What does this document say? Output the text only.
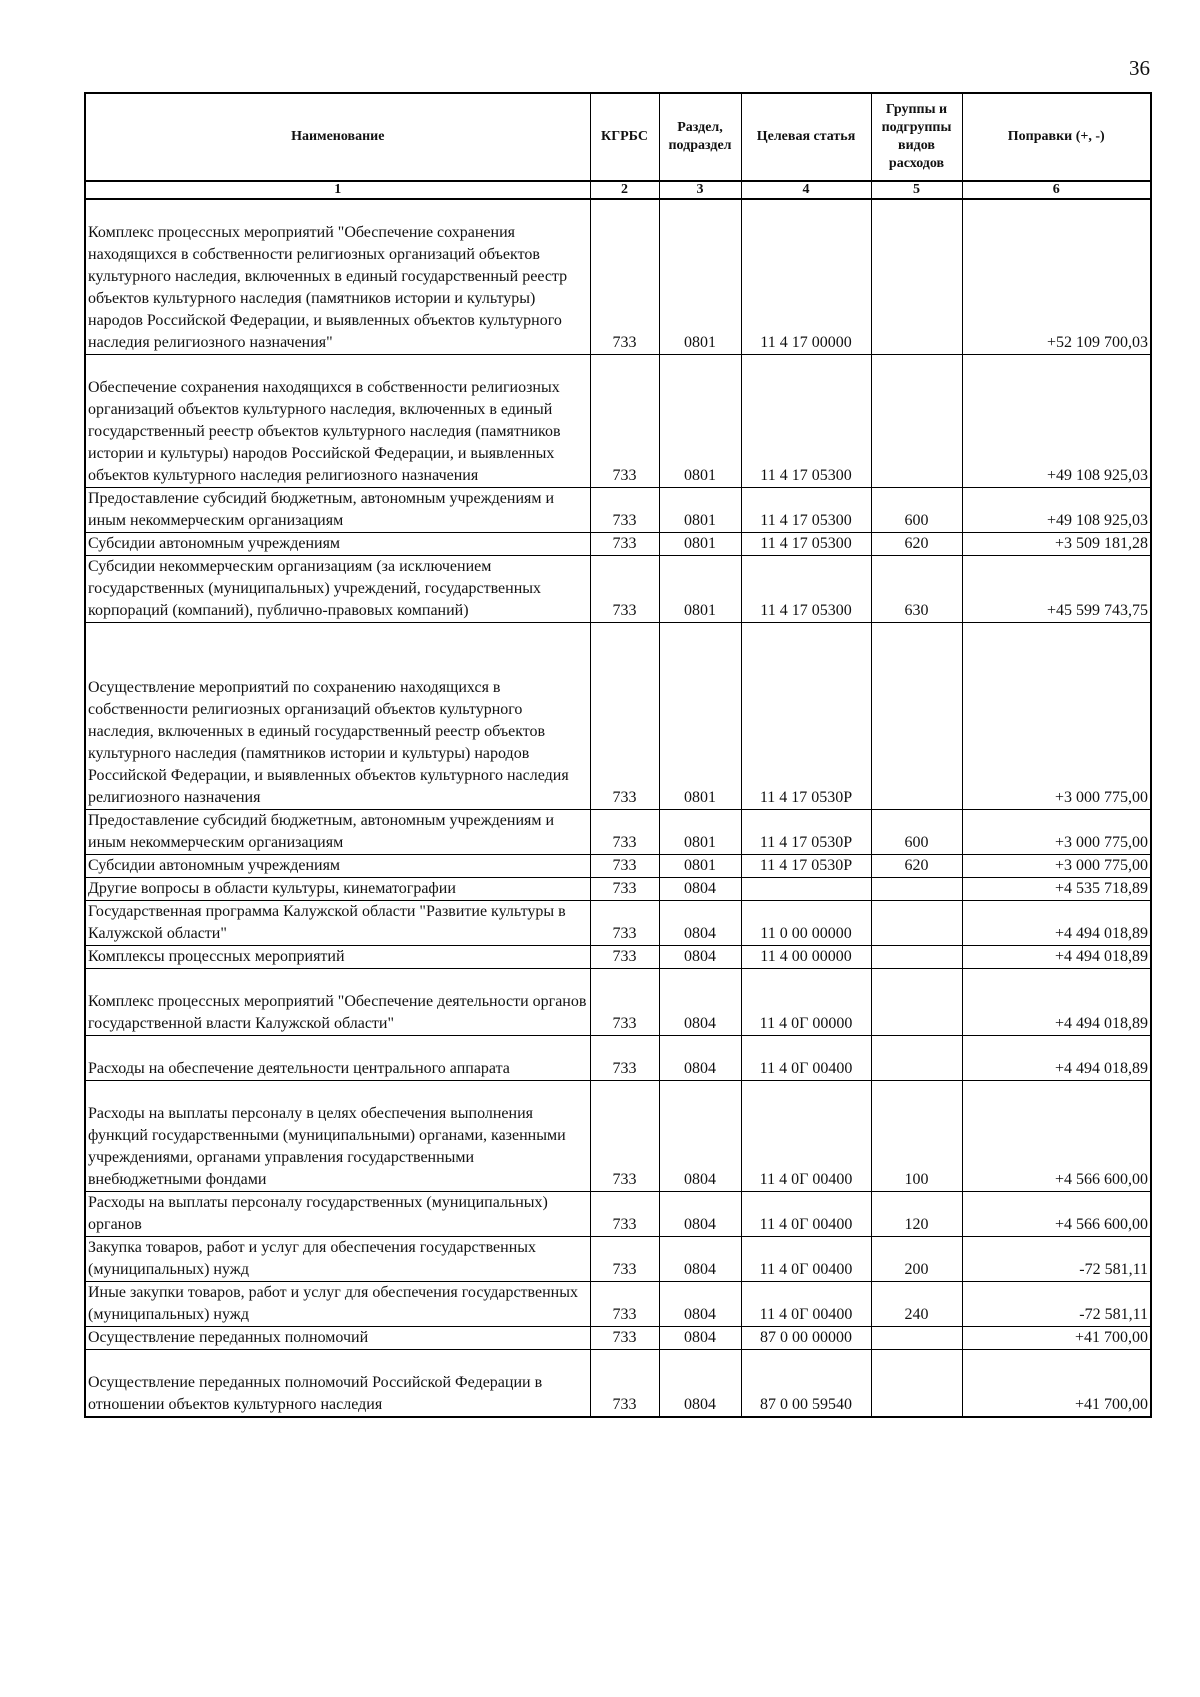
36
Наименование	КГРБС	Раздел, подраздел	Целевая статья	Группы и подгруппы видов расходов	Поправки (+, -)
1	2	3	4	5	6
Комплекс процессных мероприятий "Обеспечение сохранения находящихся в собственности религиозных организаций объектов культурного наследия, включенных в единый государственный реестр объектов культурного наследия (памятников истории и культуры) народов Российской Федерации, и выявленных объектов культурного наследия религиозного назначения"	733	0801	11 4 17 00000		+52 109 700,03
Обеспечение сохранения находящихся в собственности религиозных организаций объектов культурного наследия, включенных в единый государственный реестр объектов культурного наследия (памятников истории и культуры) народов Российской Федерации, и выявленных объектов культурного наследия религиозного назначения	733	0801	11 4 17 05300		+49 108 925,03
Предоставление субсидий бюджетным, автономным учреждениям и иным некоммерческим организациям	733	0801	11 4 17 05300	600	+49 108 925,03
Субсидии автономным учреждениям	733	0801	11 4 17 05300	620	+3 509 181,28
Субсидии некоммерческим организациям (за исключением государственных (муниципальных) учреждений, государственных корпораций (компаний), публично-правовых компаний)	733	0801	11 4 17 05300	630	+45 599 743,75
Осуществление мероприятий по сохранению находящихся в собственности религиозных организаций объектов культурного наследия, включенных в единый государственный реестр объектов культурного наследия (памятников истории и культуры) народов Российской Федерации, и выявленных объектов культурного наследия религиозного назначения	733	0801	11 4 17 0530Р		+3 000 775,00
Предоставление субсидий бюджетным, автономным учреждениям и иным некоммерческим организациям	733	0801	11 4 17 0530Р	600	+3 000 775,00
Субсидии автономным учреждениям	733	0801	11 4 17 0530Р	620	+3 000 775,00
Другие вопросы в области культуры, кинематографии	733	0804			+4 535 718,89
Государственная программа Калужской области "Развитие культуры в Калужской области"	733	0804	11 0 00 00000		+4 494 018,89
Комплексы процессных мероприятий	733	0804	11 4 00 00000		+4 494 018,89
Комплекс процессных мероприятий "Обеспечение деятельности органов государственной власти Калужской области"	733	0804	11 4 0Г 00000		+4 494 018,89
Расходы на обеспечение деятельности центрального аппарата	733	0804	11 4 0Г 00400		+4 494 018,89
Расходы на выплаты персоналу в целях обеспечения выполнения функций государственными (муниципальными) органами, казенными учреждениями, органами управления государственными внебюджетными фондами	733	0804	11 4 0Г 00400	100	+4 566 600,00
Расходы на выплаты персоналу государственных (муниципальных) органов	733	0804	11 4 0Г 00400	120	+4 566 600,00
Закупка товаров, работ и услуг для обеспечения государственных (муниципальных) нужд	733	0804	11 4 0Г 00400	200	-72 581,11
Иные закупки товаров, работ и услуг для обеспечения государственных (муниципальных) нужд	733	0804	11 4 0Г 00400	240	-72 581,11
Осуществление переданных полномочий	733	0804	87 0 00 00000		+41 700,00
Осуществление переданных полномочий Российской Федерации в отношении объектов культурного наследия	733	0804	87 0 00 59540		+41 700,00
